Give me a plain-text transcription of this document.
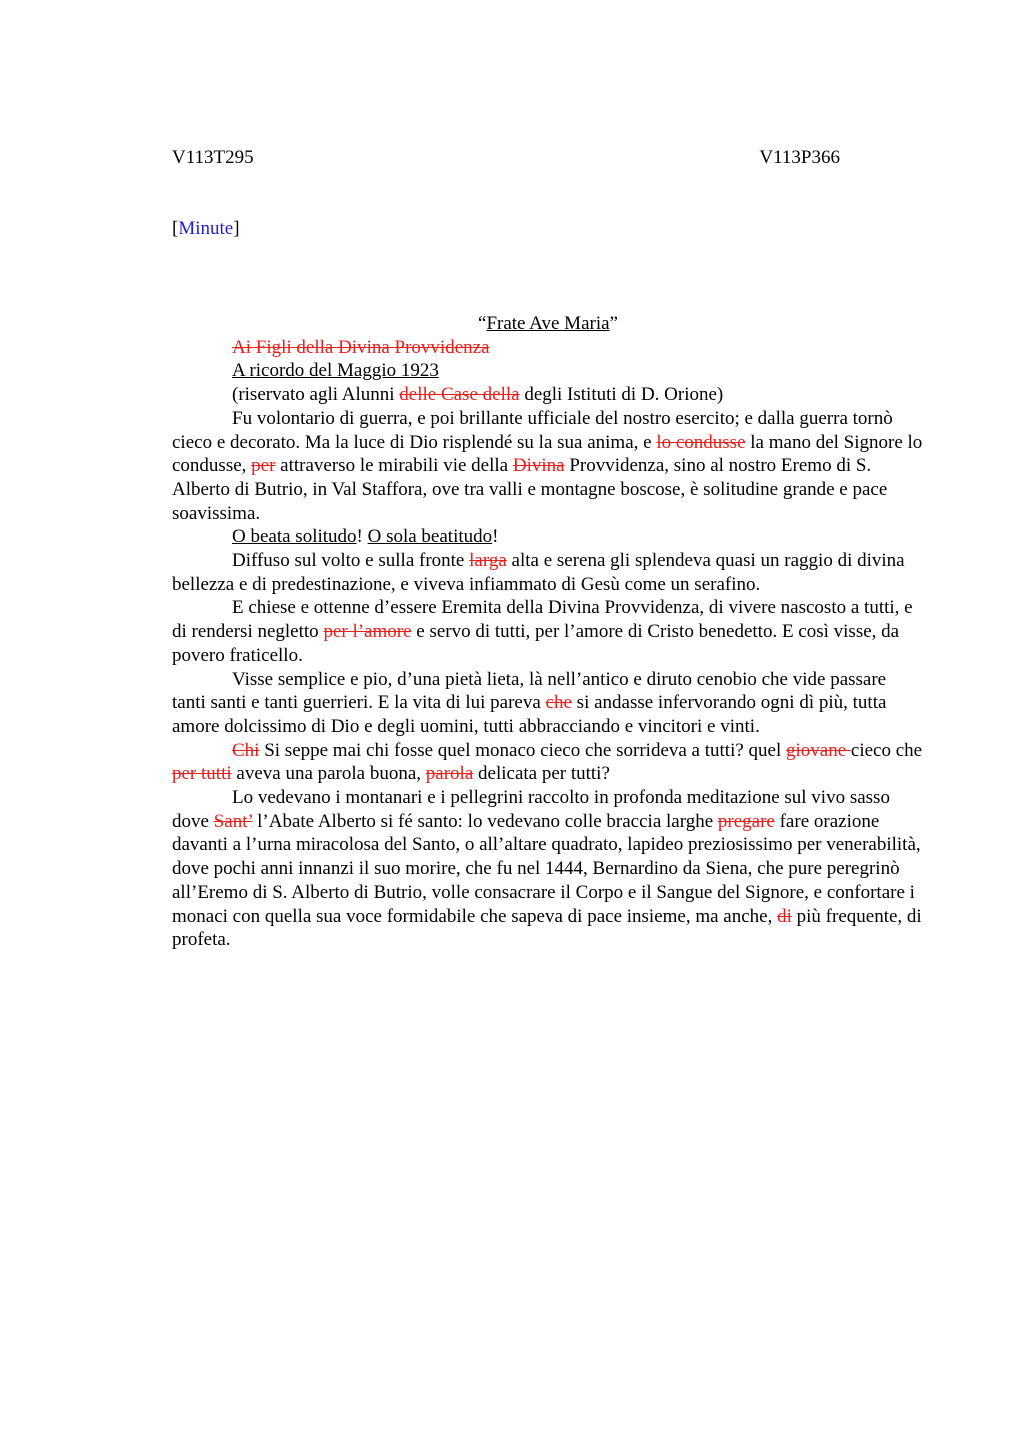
V113T295	V113P366
[Minute]

“Frate Ave Maria”

Ai Figli della Divina Provvidenza

A ricordo del Maggio 1923

(riservato agli Alunni delle Case della degli Istituti di D. Orione)

Fu volontario di guerra, e poi brillante ufficiale del nostro esercito; e dalla guerra tornò cieco e decorato. Ma la luce di Dio risplendé su la sua anima, e lo condusse la mano del Signore lo condusse, per attraverso le mirabili vie della Divina Provvidenza, sino al nostro Eremo di S. Alberto di Butrio, in Val Staffora, ove tra valli e montagne boscose, è solitudine grande e pace soavissima.

O beata solitudo! O sola beatitudo!

Diffuso sul volto e sulla fronte larga alta e serena gli splendeva quasi un raggio di divina bellezza e di predestinazione, e viveva infiammato di Gesù come un serafino.

E chiese e ottenne d’essere Eremita della Divina Provvidenza, di vivere nascosto a tutti, e di rendersi negletto per l’amore e servo di tutti, per l’amore di Cristo benedetto. E così visse, da povero fraticello.

Visse semplice e pio, d’una pietà lieta, là nell’antico e diruto cenobio che vide passare tanti santi e tanti guerrieri. E la vita di lui pareva che si andasse infervorando ogni dì più, tutta amore dolcissimo di Dio e degli uomini, tutti abbracciando e vincitori e vinti.

Chi Si seppe mai chi fosse quel monaco cieco che sorrideva a tutti? quel giovane cieco che per tutti aveva una parola buona, parola delicata per tutti?

Lo vedevano i montanari e i pellegrini raccolto in profonda meditazione sul vivo sasso dove Sant’ l’Abate Alberto si fé santo: lo vedevano colle braccia larghe pregare fare orazione davanti a l’urna miracolosa del Santo, o all’altare quadrato, lapideo preziosissimo per venerabilità, dove pochi anni innanzi il suo morire, che fu nel 1444, Bernardino da Siena, che pure peregrinò all’Eremo di S. Alberto di Butrio, volle consacrare il Corpo e il Sangue del Signore, e confortare i monaci con quella sua voce formidabile che sapeva di pace insieme, ma anche, di più frequente, di profeta.
